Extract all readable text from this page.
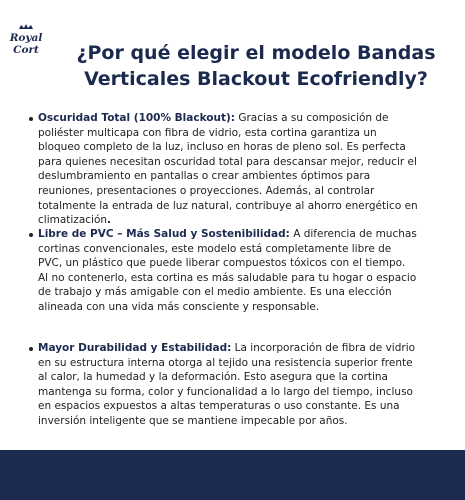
Royal
Cort	¿Por qué elegir el modelo Bandas Verticales Blackout Ecofriendly?
Oscuridad Total (100% Blackout): Gracias a su composición de poliéster multicapa con fibra de vidrio, esta cortina garantiza un bloqueo completo de la luz, incluso en horas de pleno sol. Es perfecta para quienes necesitan oscuridad total para descansar mejor, reducir el deslumbramiento en pantallas o crear ambientes óptimos para reuniones, presentaciones o proyecciones. Además, al controlar totalmente la entrada de luz natural, contribuye al ahorro energético en climatización.
Libre de PVC – Más Salud y Sostenibilidad: A diferencia de muchas cortinas convencionales, este modelo está completamente libre de PVC, un plástico que puede liberar compuestos tóxicos con el tiempo. Al no contenerlo, esta cortina es más saludable para tu hogar o espacio de trabajo y más amigable con el medio ambiente. Es una elección alineada con una vida más consciente y responsable.
Mayor Durabilidad y Estabilidad: La incorporación de fibra de vidrio en su estructura interna otorga al tejido una resistencia superior frente al calor, la humedad y la deformación. Esto asegura que la cortina mantenga su forma, color y funcionalidad a lo largo del tiempo, incluso en espacios expuestos a altas temperaturas o uso constante. Es una inversión inteligente que se mantiene impecable por años.
